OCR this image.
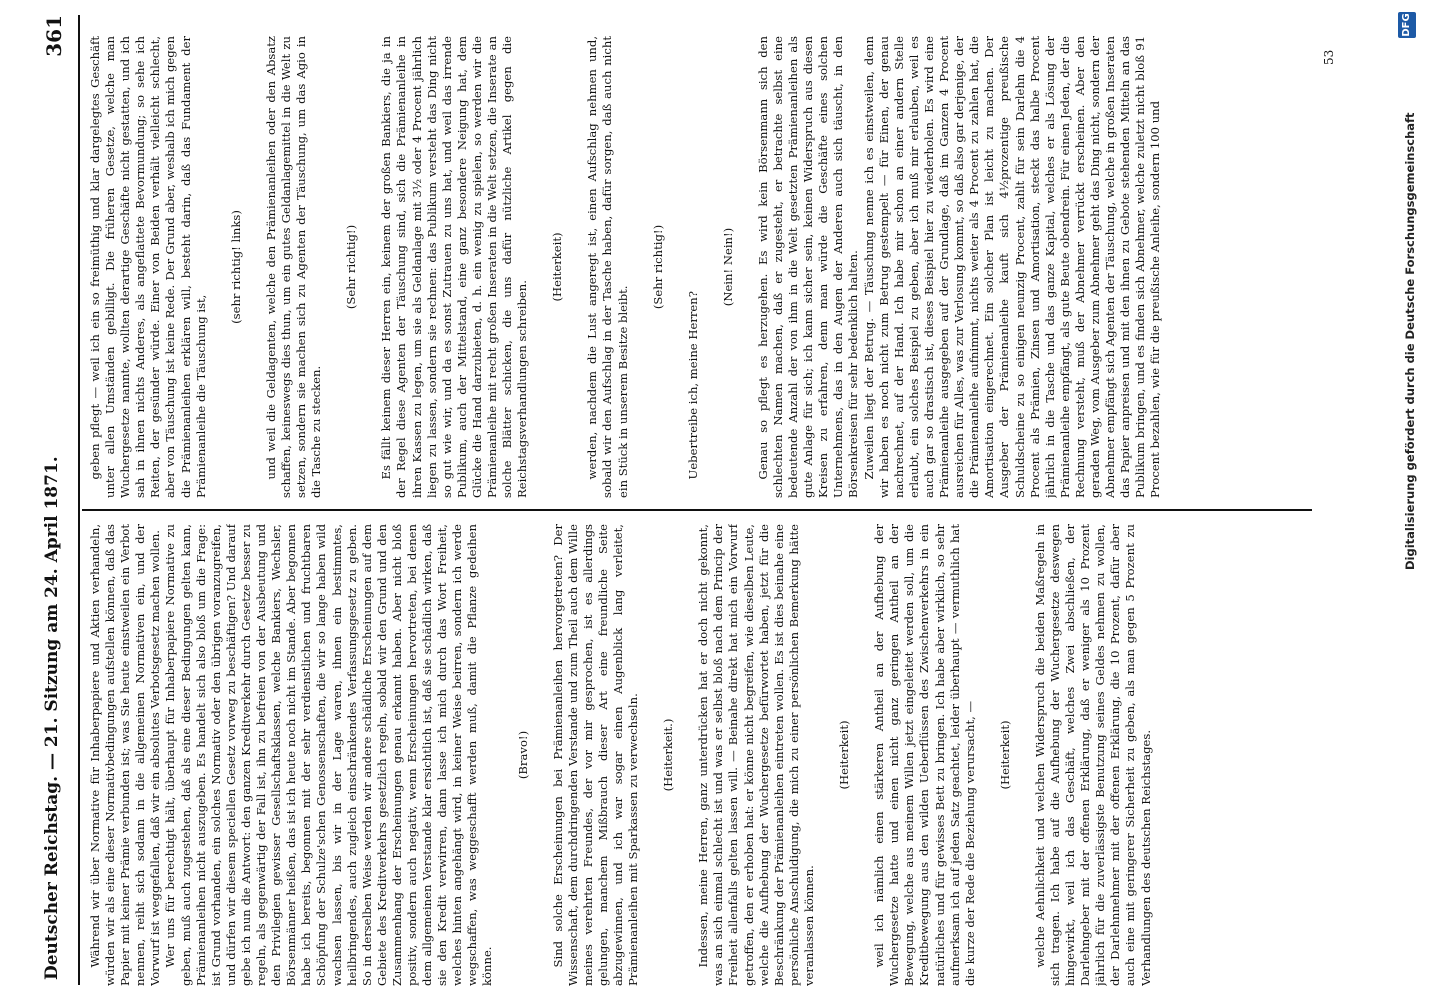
Deutscher Reichstag. — 21. Sitzung am 24. April 1871.
361

Während wir über Normative für Inhaberpapiere und Aktien verhandeln, würden wir als eine dieser Normativbedingungen aufstellen können, daß das Papier mit keiner Prämie verbunden ist; was Sie heute einstweilen ein Verbot nennen, reiht sich sodann in die allgemeinen Normativen ein, und der Vorwurf ist weggefallen, daß wir ein absolutes Verbotsgesetz machen wollen. Wer uns für berechtigt hält, überhaupt für Inhaberpapiere Normative zu geben, muß auch zugestehen, daß als eine dieser Bedingungen gelten kann, Prämienanleihen nicht auszugeben. Es handelt sich also bloß um die Frage: ist Grund vorhanden, ein solches Normativ oder den übrigen voranzugreifen, und dürfen wir diesem speciellen Gesetz vorweg zu beschäftigen? Und darauf gebe ich nun die Antwort: den ganzen Kreditverkehr durch Gesetze besser zu regeln, als gegenwärtig der Fall ist, ihn zu befreien von der Ausbeutung und den Privilegien gewisser Gesellschaftsklassen, welche Bankiers, Wechsler, Börsenmänner heißen, das ist ich heute noch nicht im Stande. Aber begonnen habe ich bereits, begonnen mit der sehr verdienstlichen und fruchtbaren Schöpfung der Schulze'schen Genossenschaften, die wir so lange haben wild wachsen lassen, bis wir in der Lage waren, ihnen ein bestimmtes, heilbringendes, auch zugleich einschränkendes Verfassungsgesetz zu geben. So in derselben Weise werden wir andere schädliche Erscheinungen auf dem Gebiete des Kreditverkehrs gesetzlich regeln, sobald wir den Grund und den Zusammenhang der Erscheinungen genau erkannt haben. Aber nicht bloß positiv, sondern auch negativ, wenn Erscheinungen hervortreten, bei denen dem allgemeinen Verstande klar ersichtlich ist, daß sie schädlich wirken, daß sie den Kredit verwirren, dann lasse ich mich durch das Wort Freiheit, welches hinten angehängt wird, in keiner Weise beirren, sondern ich werde wegschaffen, was weggeschafft werden muß, damit die Pflanze gedeihen könne.

(Bravo!) Sind solche Erscheinungen bei Prämienanleihen hervorgetreten? Der Wissenschaft, dem durchdringenden Verstande und zum Theil auch dem Wille meines verehrten Freundes, der vor mir gesprochen, ist es allerdings gelungen, manchem Mißbrauch dieser Art eine freundliche Seite abzugewinnen, und ich war sogar einen Augenblick lang verleitet, Prämienanleihen mit Sparkassen zu verwechseln. (Heiterkeit.) Indessen, meine Herren, ganz unterdrücken hat er doch nicht gekonnt, was an sich einmal schlecht ist und was er selbst bloß nach dem Princip der Freiheit allenfalls gelten lassen will. — Beinahe direkt hat mich ein Vorwurf getroffen, den er erhoben hat: er könne nicht begreifen, wie dieselben Leute, welche die Aufhebung der Wuchergesetze befürwortet haben, jetzt für die Beschränkung der Prämienanleihen eintreten wollen. Es ist dies beinahe eine persönliche Anschuldigung, die mich zu einer persönlichen Bemerkung hätte veranlassen können.

(Heiterkeit) weil ich nämlich einen stärkeren Antheil an der Aufhebung der Wuchergesetze hatte und einen nicht ganz geringen Antheil an der Bewegung, welche aus meinem Willen jetzt eingeleitet werden soll, um die Kreditbewegung aus den wilden Ueberflüssen des Zwischenverkehrs in ein natürliches und für gewisses Bett zu bringen. Ich habe aber wirklich, so sehr aufmerksam ich auf jeden Satz geachtet, leider überhaupt — vermuthlich hat die kurze der Rede die Beziehung verursacht, — (Heiterkeit) welche Aehnlichkeit und welchen Widerspruch die beiden Maßregeln in sich tragen. Ich habe auf die Aufhebung der Wuchergesetze deswegen hingewirkt, weil ich das Geschäft, welches Zwei abschließen, der Darlehngeber mit der offenen Erklärung, daß er weniger als 10 Prozent jährlich für die zuverlässigste Benutzung seines Geldes nehmen zu wollen, der Darlehnnehmer mit der offenen Erklärung, die 10 Prozent, dafür aber auch eine mit geringerer Sicherheit zu geben, als man gegen 5 Prozent zu Verhandlungen des deutschen Reichstages.

geben pflegt — weil ich ein so freimüthig und klar dargelegtes Geschäft unter allen Umständen gebilligt. Die früheren Gesetze, welche man Wuchergesetze nannte, wollten derartige Geschäfte nicht gestatten, und ich sah in ihnen nichts Anderes, als angeflattete Bevormundung; so sehe ich Reiten, der gesünder würde. Einer von Beiden verhält vielleicht schlecht, aber von Täuschung ist keine Rede. Der Grund aber, weshalb ich mich gegen die Prämienanleihen erklären will, besteht darin, daß das Fundament der Prämienanleihe die Täuschung ist,

(sehr richtig! links) und weil die Geldagenten, welche den Prämienanleihen oder den Absatz schaffen, keineswegs dies thun, um ein gutes Geldanlagemittel in die Welt zu setzen, sondern sie machen sich zu Agenten der Täuschung, um das Agio in die Tasche zu stecken.

(Sehr richtig!) Es fällt keinem dieser Herren ein, keinem der großen Bankiers, die ja in der Regel diese Agenten der Täuschung sind, sich die Prämienanleihe in ihren Kassen zu legen, um sie als Geldanlage mit 3½ oder 4 Procent jährlich liegen zu lassen, sondern sie rechnen: das Publikum versteht das Ding nicht so gut wie wir, und da es sonst Zutrauen zu uns hat, und weil das irrende Publikum, auch der Mittelstand, eine ganz besondere Neigung hat, dem Glücke die Hand darzubieten, d. h. ein wenig zu spielen, so werden wir die Prämienanleihe mit recht großen Inseraten in die Welt setzen, die Inserate an solche Blätter schicken, die uns dafür nützliche Artikel gegen die Reichstagsverhandlungen schreiben.

(Heiterkeit) werden, nachdem die Lust angeregt ist, einen Aufschlag nehmen und, sobald wir den Aufschlag in der Tasche haben, dafür sorgen, daß auch nicht ein Stück in unserem Besitze bleibt.

(Sehr richtig!)

Uebertreibe ich, meine Herren?

(Nein! Nein!) Genau so pflegt es herzugehen. Es wird kein Börsenmann sich den schlechten Namen machen, daß er zugesteht, er betrachte selbst eine bedeutende Anzahl der von ihm in die Welt gesetzten Prämienanleihen als gute Anlage für sich; ich kann sicher sein, keinen Widerspruch aus diesen Kreisen zu erfahren, denn man würde die Geschäfte eines solchen Unternehmens, das in den Augen der Anderen auch sich täuscht, in den Börsenkreisen für sehr bedenklich halten. Zuweilen liegt der Betrug. — Täuschung nenne ich es einstweilen, denn wir haben es noch nicht zum Betrug gestempelt — für Einen, der genau nachrechnet, auf der Hand. Ich habe mir schon an einer andern Stelle erlaubt, ein solches Beispiel zu geben, aber ich muß mir erlauben, weil es auch gar so drastisch ist, dieses Beispiel hier zu wiederholen. Es wird eine Prämienanleihe ausgegeben auf der Grundlage, daß im Ganzen 4 Procent ausreichen für Alles, was zur Verlosung kommt, so daß also gar derjenige, der die Prämienanleihe aufnimmt, nichts weiter als 4 Procent zu zahlen hat, die Amortisation eingerechnet. Ein solcher Plan ist leicht zu machen. Der Ausgeber der Prämienanleihe kauft sich 4½prozentige preußische Schuldscheine zu so einigen neunzig Procent, zahlt für sein Darlehn die 4 Procent als Prämien, Zinsen und Amortisation, steckt das halbe Procent jährlich in die Tasche und das ganze Kapital, welches er als Lösung der Prämienanleihe empfängt, als gute Beute obendrein. Für einen Jeden, der die Rechnung versteht, muß der Abnehmer verrückt erscheinen. Aber den geraden Weg, vom Ausgeber zum Abnehmer geht das Ding nicht, sondern der Abnehmer empfängt sich Agenten der Täuschung, welche in großen Inseraten das Papier anpreisen und mit den ihnen zu Gebote stehenden Mitteln an das Publikum bringen, und es finden sich Abnehmer, welche zuletzt nicht bloß 91 Procent bezahlen, wie für die preußische Anleihe, sondern 100 und

53
Digitalisierung gefördert durch die Deutsche Forschungsgemeinschaft
DFG
